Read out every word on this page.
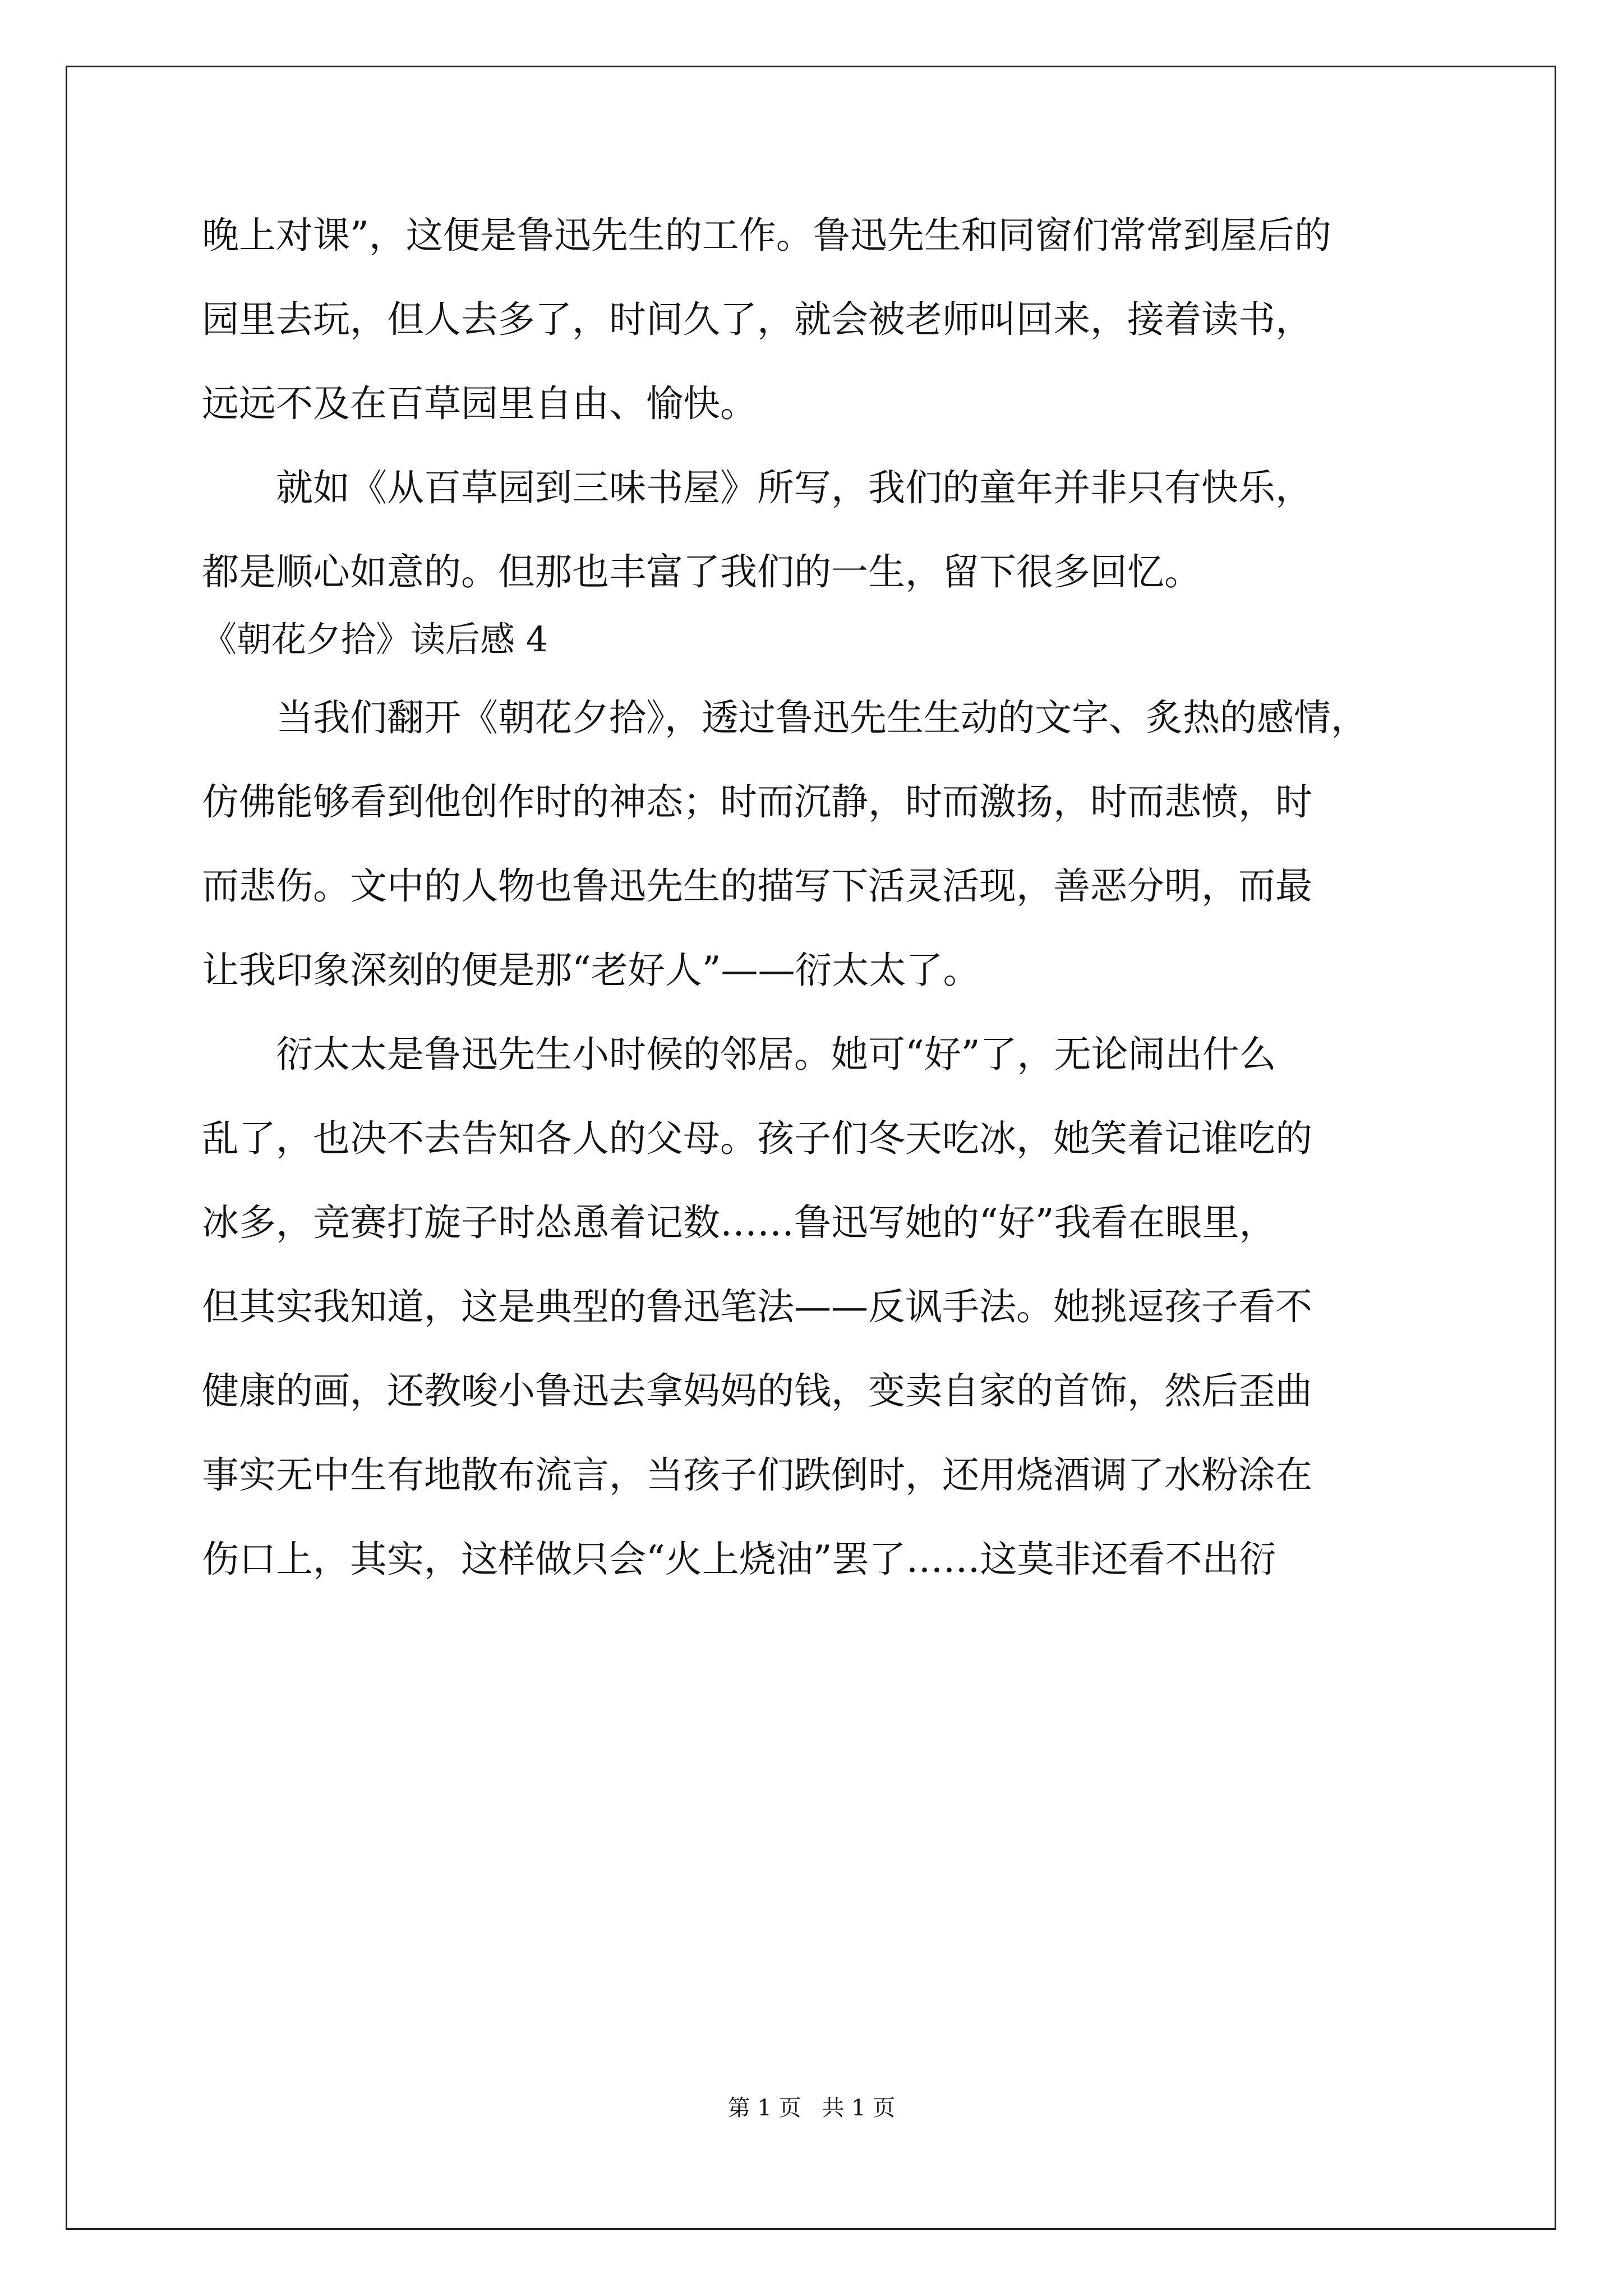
晚上对课”，这便是鲁迅先生的工作。鲁迅先生和同窗们常常到屋后的
园里去玩，但人去多了，时间久了，就会被老师叫回来，接着读书，
远远不及在百草园里自由、愉快。
就如《从百草园到三味书屋》所写，我们的童年并非只有快乐，
都是顺心如意的。但那也丰富了我们的一生，留下很多回忆。
《朝花夕拾》读后感 4
当我们翻开《朝花夕拾》，透过鲁迅先生生动的文字、炙热的感情，
仿佛能够看到他创作时的神态；时而沉静，时而激扬，时而悲愤，时
而悲伤。文中的人物也鲁迅先生的描写下活灵活现，善恶分明，而最
让我印象深刻的便是那“老好人”——衍太太了。
衍太太是鲁迅先生小时候的邻居。她可“好”了，无论闹出什么
乱了，也决不去告知各人的父母。孩子们冬天吃冰，她笑着记谁吃的
冰多，竞赛打旋子时怂恿着记数……鲁迅写她的“好”我看在眼里，
但其实我知道，这是典型的鲁迅笔法——反讽手法。她挑逗孩子看不
健康的画，还教唆小鲁迅去拿妈妈的钱，变卖自家的首饰，然后歪曲
事实无中生有地散布流言，当孩子们跌倒时，还用烧酒调了水粉涂在
伤口上，其实，这样做只会“火上烧油”罢了……这莫非还看不出衍
第 1 页 共 1 页
